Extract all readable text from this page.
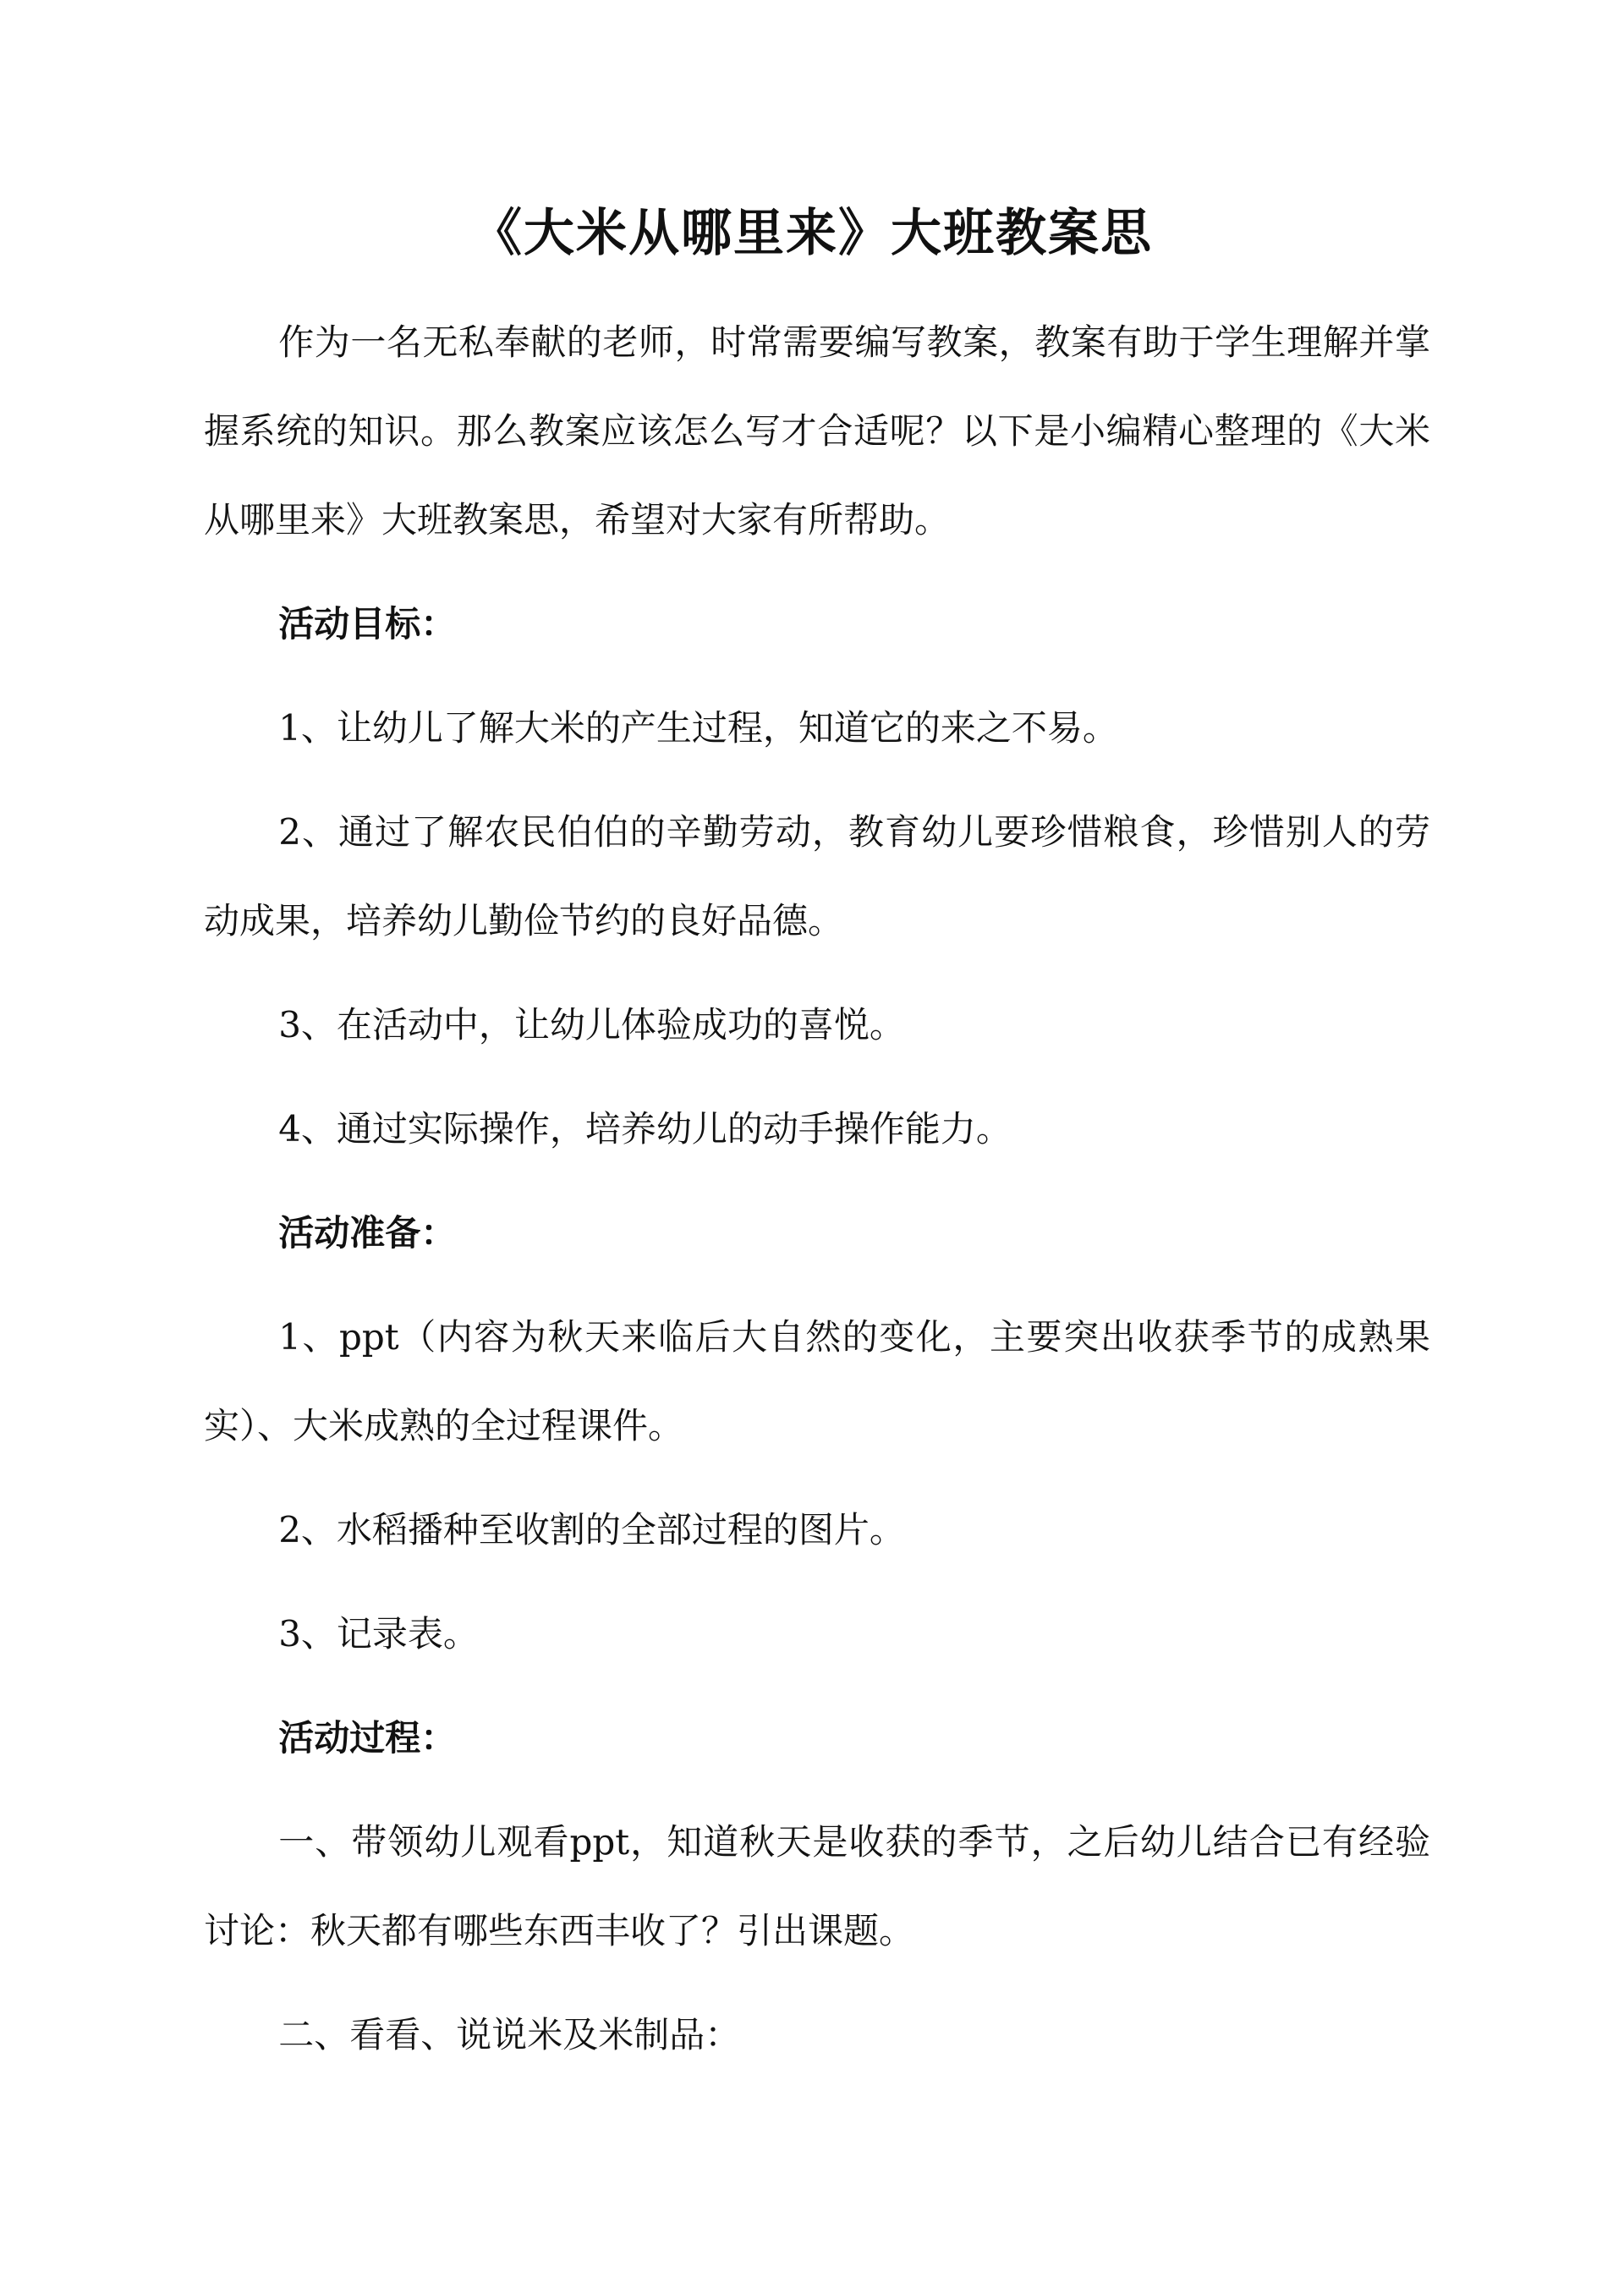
《大米从哪里来》大班教案思

作为一名无私奉献的老师，时常需要编写教案，教案有助于学生理解并掌握系统的知识。那么教案应该怎么写才合适呢？以下是小编精心整理的《大米从哪里来》大班教案思，希望对大家有所帮助。

活动目标：

1、让幼儿了解大米的产生过程，知道它的来之不易。

2、通过了解农民伯伯的辛勤劳动，教育幼儿要珍惜粮食，珍惜别人的劳动成果，培养幼儿勤俭节约的良好品德。

3、在活动中，让幼儿体验成功的喜悦。

4、通过实际操作，培养幼儿的动手操作能力。

活动准备：

1、ppt（内容为秋天来临后大自然的变化，主要突出收获季节的成熟果实）、大米成熟的全过程课件。

2、水稻播种至收割的全部过程的图片。

3、记录表。

活动过程：

一、带领幼儿观看ppt，知道秋天是收获的季节，之后幼儿结合已有经验讨论：秋天都有哪些东西丰收了？引出课题。

二、看看、说说米及米制品：
